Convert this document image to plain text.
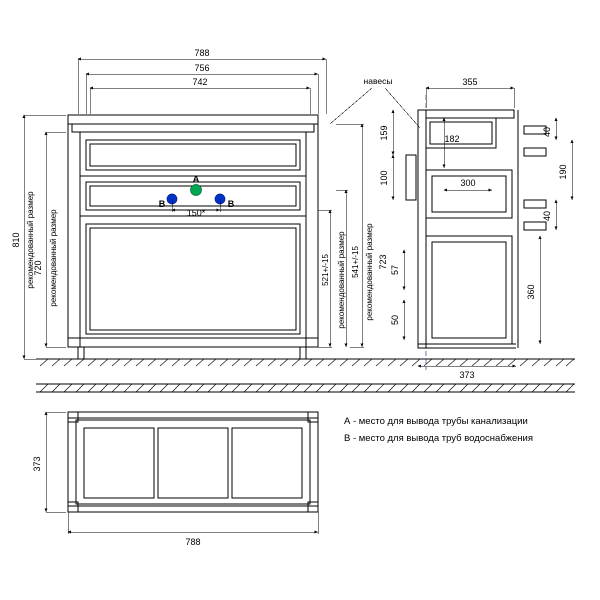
788
756
742
810 рекомендованный размер
720 рекомендованный размер
А
В	В
150*
521+/-15 рекомендованный размер 541+/-15 рекомендованный размер 723
навесы	355
373
159
100
182
300
57
50
40
190
40
360
373
788
А - место для вывода трубы канализации
В - место для вывода труб водоснабжения
